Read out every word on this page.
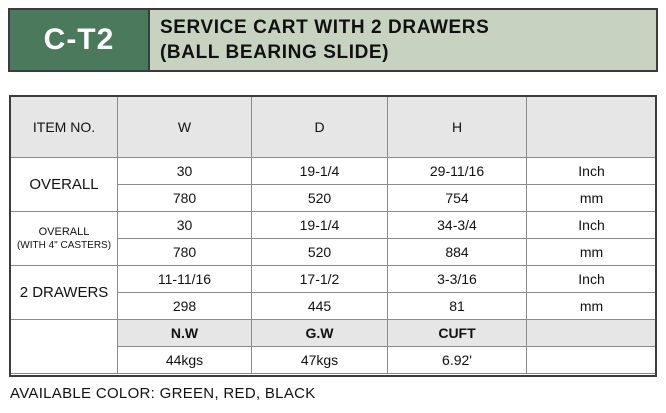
C-T2	SERVICE CART WITH 2 DRAWERS
(BALL BEARING SLIDE)
ITEM NO.	W	D	H	
OVERALL	30	19-1/4	29-11/16	Inch
	780	520	754	mm

OVERALL
(WITH 4" CASTERS)	30	19-1/4	34-3/4	Inch
	780	520	884	mm
2 DRAWERS	11-11/16	17-1/2	3-3/16	Inch
	298	445	81	mm
	N.W	G.W	CUFT	
	44kgs	47kgs	6.92'	
AVAILABLE COLOR: GREEN, RED, BLACK
